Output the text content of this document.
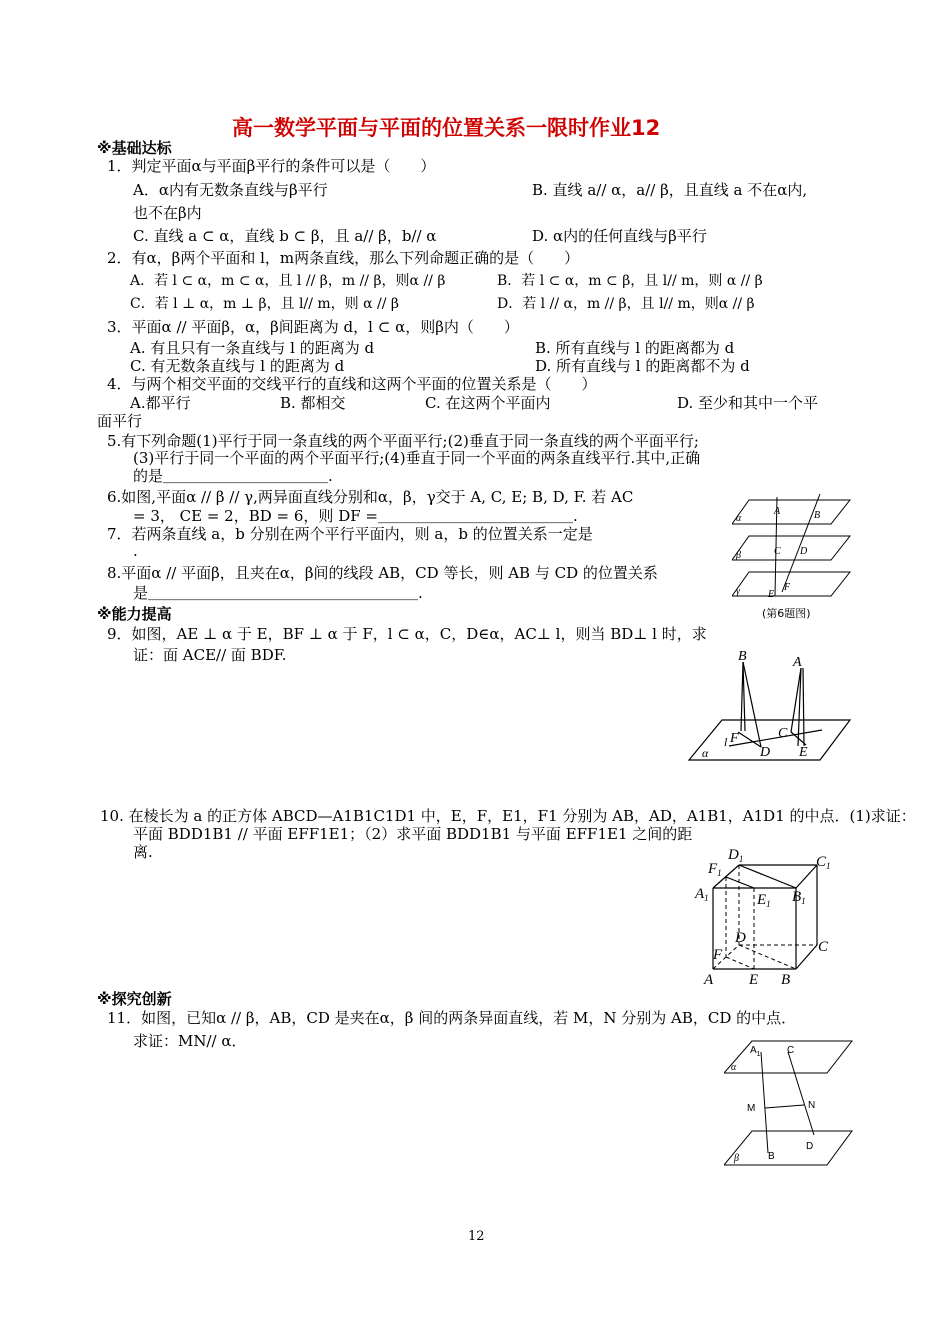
高一数学平面与平面的位置关系一限时作业12
※基础达标
1．判定平面α与平面β平行的条件可以是（　　）
A．α内有无数条直线与β平行	B. 直线 a// α，a// β，且直线 a 不在α内,
也不在β内
C. 直线 a ⊂ α，直线 b ⊂ β，且 a// β，b// α	D. α内的任何直线与β平行
2．有α，β两个平面和 l，m两条直线，那么下列命题正确的是（　　）
A．若 l ⊂ α，m ⊂ α，且 l // β，m // β，则α // β	B．若 l ⊂ α，m ⊂ β，且 l// m，则 α // β
C．若 l ⊥ α，m ⊥ β，且 l// m，则 α // β	D．若 l // α，m // β，且 l// m，则α // β
3．平面α // 平面β，α，β间距离为 d，l ⊂ α，则β内（　　）
A. 有且只有一条直线与 l 的距离为 d	B. 所有直线与 l 的距离都为 d
C. 有无数条直线与 l 的距离为 d	D. 所有直线与 l 的距离都不为 d
4．与两个相交平面的交线平行的直线和这两个平面的位置关系是（　　）
A.都平行	B. 都相交	C. 在这两个平面内	D. 至少和其中一个平
面平行
5.有下列命题(1)平行于同一条直线的两个平面平行;(2)垂直于同一条直线的两个平面平行;
(3)平行于同一个平面的两个平面平行;(4)垂直于同一个平面的两条直线平行.其中,正确
的是＿＿＿＿＿＿＿＿＿＿＿.
6.如图,平面α // β // γ,两异面直线分别和α，β，γ交于 A, C, E; B, D, F. 若 AC
= 3， CE = 2，BD = 6，则 DF =＿＿＿＿＿＿＿＿＿＿＿＿＿.
7．若两条直线 a，b 分别在两个平行平面内，则 a，b 的位置关系一定是
.
8.平面α // 平面β，且夹在α，β间的线段 AB，CD 等长，则 AB 与 CD 的位置关系
是＿＿＿＿＿＿＿＿＿＿＿＿＿＿＿＿＿＿.
α
β
γ
A	B
C D
E
F
(第6题图)
※能力提高
9．如图，AE ⊥ α 于 E，BF ⊥ α 于 F，l ⊂ α，C，D∈α，AC⊥ l，则当 BD⊥ l 时，求
证：面 ACE// 面 BDF.	B	A
C
F
l
D E
α
10. 在棱长为 a 的正方体 ABCD—A1B1C1D1 中，E，F，E1，F1 分别为 AB，AD，A1B1，A1D1 的中点．(1)求证：
平面 BDD1B1 // 平面 EFF1E1；（2）求平面 BDD1B1 与平面 EFF1E1 之间的距
离.	$D_1$
$F_1$
$C_1$
$A_1$	$E_1$ $B_1$
D
C
F
A E B
※探究创新
11．如图，已知α // β，AB，CD 是夹在α，β 间的两条异面直线，若 M，N 分别为 AB，CD 的中点．
求证：MN// α．
$A_1$	C
α
M	N
D
B
β
12
